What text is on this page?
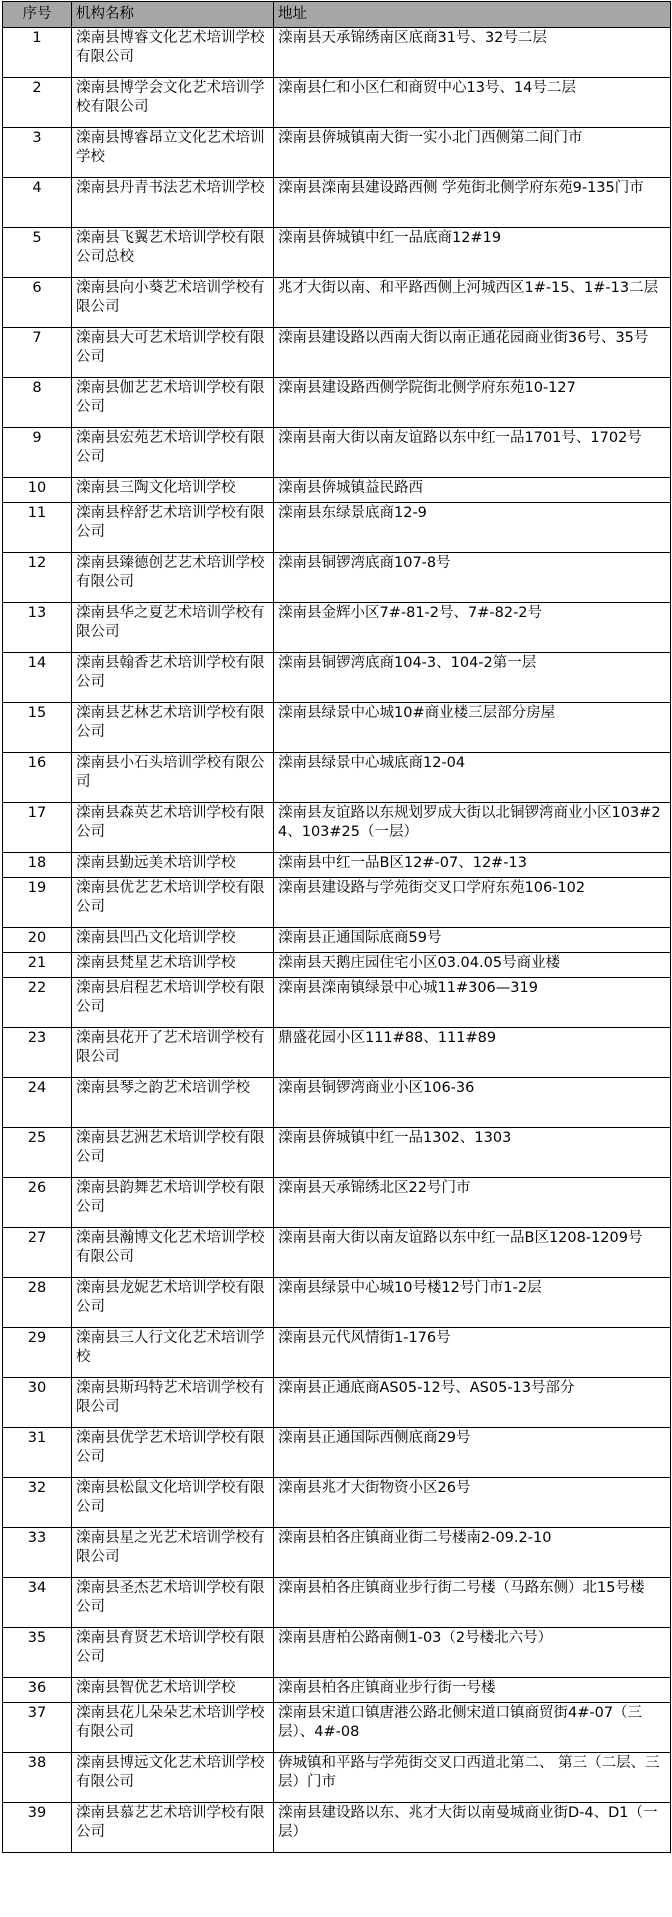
序号	机构名称	地址
1	滦南县博睿文化艺术培训学校有限公司	滦南县天承锦绣南区底商31号、32号二层
2	滦南县博学会文化艺术培训学校有限公司	滦南县仁和小区仁和商贸中心13号、14号二层
3	滦南县博睿昂立文化艺术培训学校	滦南县倴城镇南大街一实小北门西侧第二间门市
4	滦南县丹青书法艺术培训学校	滦南县滦南县建设路西侧 学苑街北侧学府东苑9-135门市
5	滦南县飞翼艺术培训学校有限公司总校	滦南县倴城镇中红一品底商12#19
6	滦南县向小葵艺术培训学校有限公司	兆才大街以南、和平路西侧上河城西区1#-15、1#-13二层
7	滦南县大可艺术培训学校有限公司	滦南县建设路以西南大街以南正通花园商业街36号、35号
8	滦南县伽艺艺术培训学校有限公司	滦南县建设路西侧学院街北侧学府东苑10-127
9	滦南县宏苑艺术培训学校有限公司	滦南县南大街以南友谊路以东中红一品1701号、1702号
10	滦南县三陶文化培训学校	滦南县倴城镇益民路西
11	滦南县梓舒艺术培训学校有限公司	滦南县东绿景底商12-9
12	滦南县臻德创艺艺术培训学校有限公司	滦南县铜锣湾底商107-8号
13	滦南县华之夏艺术培训学校有限公司	滦南县金辉小区7#-81-2号、7#-82-2号
14	滦南县翰香艺术培训学校有限公司	滦南县铜锣湾底商104-3、104-2第一层
15	滦南县艺林艺术培训学校有限公司	滦南县绿景中心城10#商业楼三层部分房屋
16	滦南县小石头培训学校有限公司	滦南县绿景中心城底商12-04
17	滦南县森英艺术培训学校有限公司	滦南县友谊路以东规划罗成大街以北铜锣湾商业小区103#24、103#25（一层）
18	滦南县勤远美术培训学校	滦南县中红一品B区12#-07、12#-13
19	滦南县优艺艺术培训学校有限公司	滦南县建设路与学苑街交叉口学府东苑106-102
20	滦南县凹凸文化培训学校	滦南县正通国际底商59号
21	滦南县梵星艺术培训学校	滦南县天鹅庄园住宅小区03.04.05号商业楼
22	滦南县启程艺术培训学校有限公司	滦南县滦南镇绿景中心城11#306—319
23	滦南县花开了艺术培训学校有限公司	鼎盛花园小区111#88、111#89
24	滦南县琴之韵艺术培训学校	滦南县铜锣湾商业小区106-36
25	滦南县艺洲艺术培训学校有限公司	滦南县倴城镇中红一品1302、1303
26	滦南县韵舞艺术培训学校有限公司	滦南县天承锦绣北区22号门市
27	滦南县瀚博文化艺术培训学校有限公司	滦南县南大街以南友谊路以东中红一品B区1208-1209号
28	滦南县龙妮艺术培训学校有限公司	滦南县绿景中心城10号楼12号门市1-2层
29	滦南县三人行文化艺术培训学校	滦南县元代风情街1-176号
30	滦南县斯玛特艺术培训学校有限公司	滦南县正通底商AS05-12号、AS05-13号部分
31	滦南县优学艺术培训学校有限公司	滦南县正通国际西侧底商29号
32	滦南县松鼠文化培训学校有限公司	滦南县兆才大街物资小区26号
33	滦南县星之光艺术培训学校有限公司	滦南县柏各庄镇商业街二号楼南2-09.2-10
34	滦南县圣杰艺术培训学校有限公司	滦南县柏各庄镇商业步行街二号楼（马路东侧）北15号楼
35	滦南县育贤艺术培训学校有限公司	滦南县唐柏公路南侧1-03（2号楼北六号）
36	滦南县智优艺术培训学校	滦南县柏各庄镇商业步行街一号楼
37	滦南县花儿朵朵艺术培训学校有限公司	滦南县宋道口镇唐港公路北侧宋道口镇商贸街4#-07（三层）、4#-08
38	滦南县博远文化艺术培训学校有限公司	倴城镇和平路与学苑街交叉口西道北第二、 第三（二层、三层）门市
39	滦南县慕艺艺术培训学校有限公司	滦南县建设路以东、兆才大街以南曼城商业街D-4、D1（一层）
